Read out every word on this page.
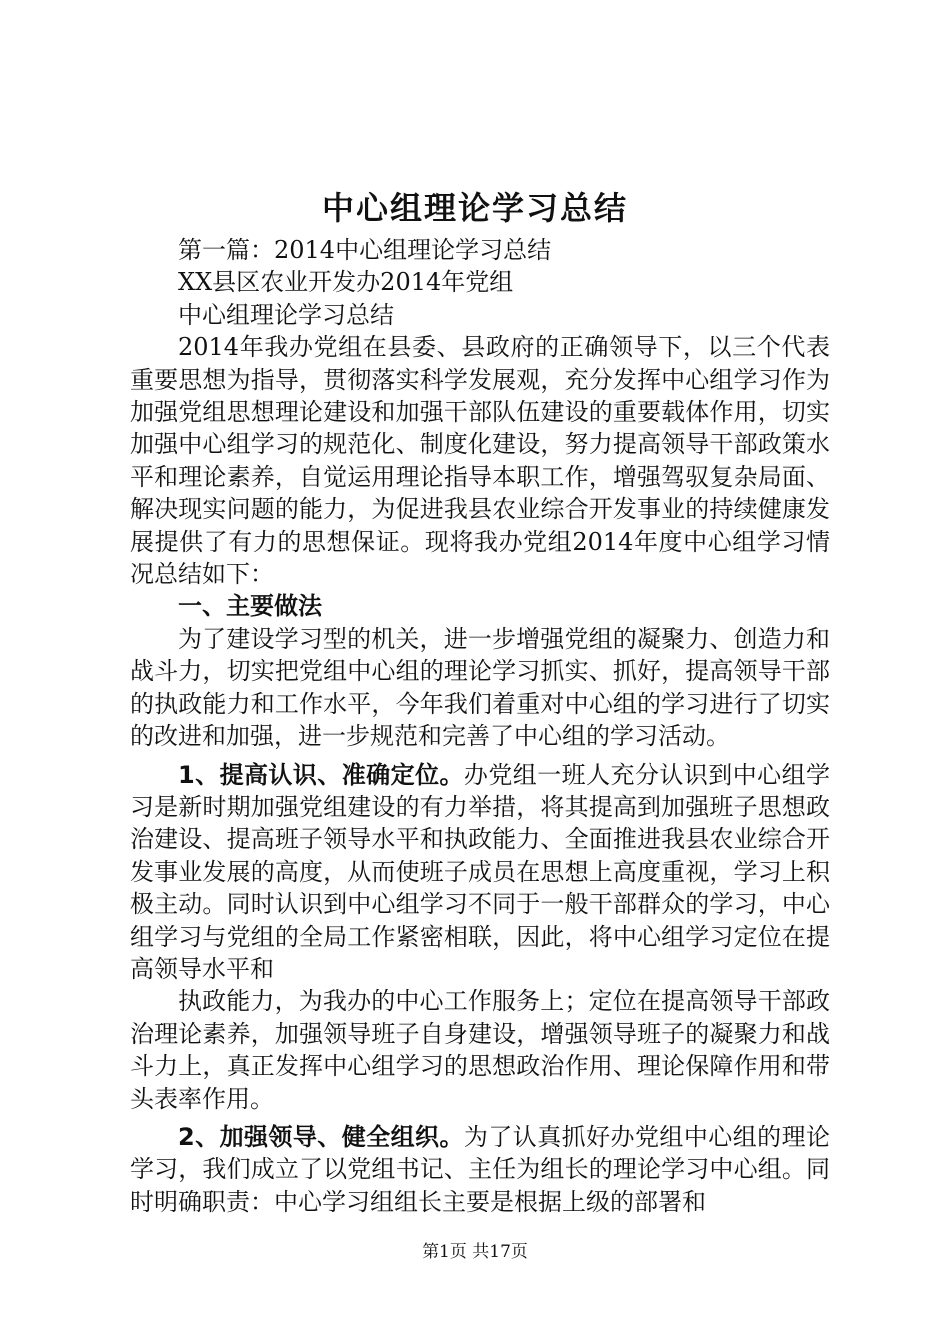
中心组理论学习总结

第一篇：2014中心组理论学习总结

XX县区农业开发办2014年党组

中心组理论学习总结

2014年我办党组在县委、县政府的正确领导下，以三个代表重要思想为指导，贯彻落实科学发展观，充分发挥中心组学习作为加强党组思想理论建设和加强干部队伍建设的重要载体作用，切实加强中心组学习的规范化、制度化建设，努力提高领导干部政策水平和理论素养，自觉运用理论指导本职工作，增强驾驭复杂局面、解决现实问题的能力，为促进我县农业综合开发事业的持续健康发展提供了有力的思想保证。现将我办党组2014年度中心组学习情况总结如下：

一、主要做法

为了建设学习型的机关，进一步增强党组的凝聚力、创造力和战斗力，切实把党组中心组的理论学习抓实、抓好，提高领导干部的执政能力和工作水平，今年我们着重对中心组的学习进行了切实的改进和加强，进一步规范和完善了中心组的学习活动。

1、提高认识、准确定位。办党组一班人充分认识到中心组学习是新时期加强党组建设的有力举措，将其提高到加强班子思想政治建设、提高班子领导水平和执政能力、全面推进我县农业综合开发事业发展的高度，从而使班子成员在思想上高度重视，学习上积极主动。同时认识到中心组学习不同于一般干部群众的学习，中心组学习与党组的全局工作紧密相联，因此，将中心组学习定位在提高领导水平和

执政能力，为我办的中心工作服务上；定位在提高领导干部政治理论素养，加强领导班子自身建设，增强领导班子的凝聚力和战斗力上，真正发挥中心组学习的思想政治作用、理论保障作用和带头表率作用。

2、加强领导、健全组织。为了认真抓好办党组中心组的理论学习，我们成立了以党组书记、主任为组长的理论学习中心组。同时明确职责：中心学习组组长主要是根据上级的部署和

第1页 共17页
